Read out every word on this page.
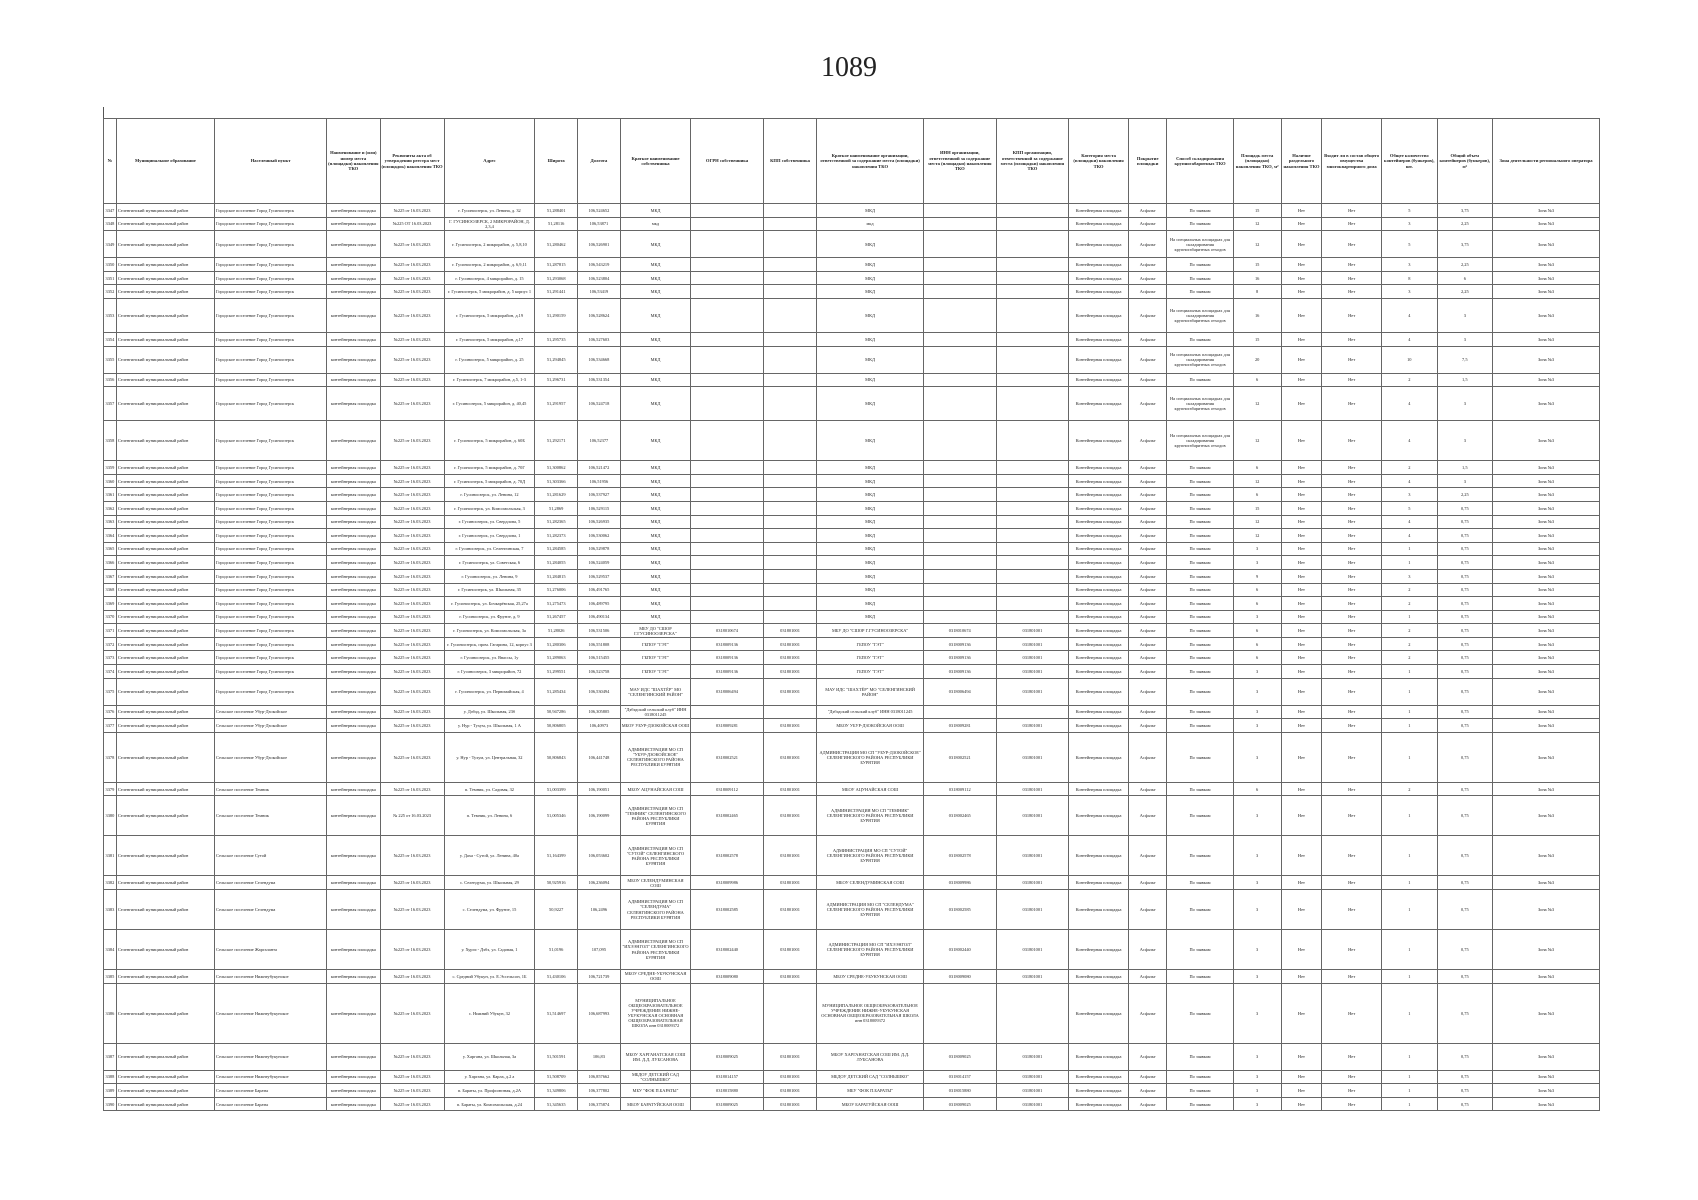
1089
№	Муниципальное образование	Населенный пункт	Наименование и (или) номер места (площадки) накопления ТКО	Реквизиты акта об утверждении реестра мест (площадок) накопления ТКО	Адрес	Широта	Долгота	Краткое наименование собственника	ОГРН собственника	КПП собственника	Краткое наименование организации, ответственной за содержание места (площадки) накопления ТКО	ИНН организации, ответственной за содержание места (площадки) накопления ТКО	КПП организации, ответственной за содержание места (площадки) накопления ТКО	Категория места (площадки) накопления ТКО	Покрытие площадки	Способ складирования крупногабаритных ТКО	Площадь места (площадки) накопления ТКО, м²	Наличие раздельного накопления ТКО	Входит ли в состав общего имущества многоквартирного дома	Общее количество контейнеров (бункеров), шт.	Общий объем контейнеров (бункеров), м³	Зона деятельности регионального оператора
3347	Селенгинский муниципальный район	Городское поселение Город Гусиноозерск	контейнерная площадка	№225 от 16.03.2023	г. Гусиноозерск, ул. Ленина, д. 32	51,288401	106,524652	МКД			МКД			Контейнерная площадка	Асфальт	По заявкам	15	Нет	Нет	5	3,75	Зона №3
3348	Селенгинский муниципальный район	Городское поселение Город Гусиноозерск	контейнерная площадка	№225 ОТ 16.03.2023	Г. ГУСИНООЗЕРСК, 2 МИКРОРАЙОН, Д. 2,3,4	51,28116	106,53871	мкд			мкд			Контейнерная площадка	Асфальт	По заявкам	12	Нет	Нет	3	2,25	Зона №3
3349	Селенгинский муниципальный район	Городское поселение Город Гусиноозерск	контейнерная площадка	№225 от 16.03.2023	г. Гусиноозерск, 2 микрорайон, д. 5,8,10	51,280462	106,526901	МКД			МКД			Контейнерная площадка	Асфальт	На специальных площадках для складирования крупногабаритных отходов	12	Нет	Нет	5	3,75	Зона №3
3350	Селенгинский муниципальный район	Городское поселение Город Гусиноозерск	контейнерная площадка	№225 от 16.03.2023	г. Гусиноозерск, 2 микрорайон, д. 6,9,11	51,287815	106,543219	МКД			МКД			Контейнерная площадка	Асфальт	По заявкам	15	Нет	Нет	3	2,25	Зона №3
3351	Селенгинский муниципальный район	Городское поселение Город Гусиноозерск	контейнерная площадка	№225 от 16.03.2023	г. Гусиноозерск, 4 микрорайон, д. 15	51,293068	106,523804	МКД			МКД			Контейнерная площадка	Асфальт	По заявкам	16	Нет	Нет	8	6	Зона №3
3352	Селенгинский муниципальный район	Городское поселение Город Гусиноозерск	контейнерная площадка	№225 от 16.03.2023	г. Гусиноозерск, 5 микрорайон, д. 5 корпус 1	51,291441	106,53419	МКД			МКД			Контейнерная площадка	Асфальт	По заявкам	8	Нет	Нет	3	2,25	Зона №3
3353	Селенгинский муниципальный район	Городское поселение Город Гусиноозерск	контейнерная площадка	№225 от 16.03.2023	г. Гусиноозерск, 5 микрорайон, д.19	51,290159	106,528624	МКД			МКД			Контейнерная площадка	Асфальт	На специальных площадках для складирования крупногабаритных отходов	16	Нет	Нет	4	3	Зона №3
3354	Селенгинский муниципальный район	Городское поселение Город Гусиноозерск	контейнерная площадка	№225 от 16.03.2023	г. Гусиноозерск, 5 микрорайон, д.17	51,295735	106,527603	МКД			МКД			Контейнерная площадка	Асфальт	По заявкам	15	Нет	Нет	4	3	Зона №3
3355	Селенгинский муниципальный район	Городское поселение Город Гусиноозерск	контейнерная площадка	№225 от 16.03.2023	г. Гусиноозерск, 5 микрорайон, д. 25	51,294845	106,534668	МКД			МКД			Контейнерная площадка	Асфальт	На специальных площадках для складирования крупногабаритных отходов	20	Нет	Нет	10	7,5	Зона №3
3356	Селенгинский муниципальный район	Городское поселение Город Гусиноозерск	контейнерная площадка	№225 от 16.03.2023	г. Гусиноозерск, 7 микрорайон, д.5, 1-3	51,296731	106,531354	МКД			МКД			Контейнерная площадка	Асфальт	По заявкам	6	Нет	Нет	2	1,5	Зона №3
3357	Селенгинский муниципальный район	Городское поселение Город Гусиноозерск	контейнерная площадка	№225 от 16.03.2023	г. Гусиноозерск, 5 микрорайон, д. 40,45	51,291957	106,524718	МКД			МКД			Контейнерная площадка	Асфальт	На специальных площадках для складирования крупногабаритных отходов	12	Нет	Нет	4	3	Зона №3
3358	Селенгинский муниципальный район	Городское поселение Город Гусиноозерск	контейнерная площадка	№225 от 16.03.2023	г. Гусиноозерск, 5 микрорайон, д. 60Б	51,292171	106,52377	МКД			МКД			Контейнерная площадка	Асфальт	На специальных площадках для складирования крупногабаритных отходов	12	Нет	Нет	4	3	Зона №3
3359	Селенгинский муниципальный район	Городское поселение Город Гусиноозерск	контейнерная площадка	№225 от 16.03.2023	г. Гусиноозерск, 5 микрорайон, д. 70Г	51,300862	106,521472	МКД			МКД			Контейнерная площадка	Асфальт	По заявкам	6	Нет	Нет	2	1,5	Зона №3
3360	Селенгинский муниципальный район	Городское поселение Город Гусиноозерск	контейнерная площадка	№225 от 16.03.2023	г. Гусиноозерск, 5 микрорайон, д. 70Д	51,303366	106,51956	МКД			МКД			Контейнерная площадка	Асфальт	По заявкам	12	Нет	Нет	4	3	Зона №3
3361	Селенгинский муниципальный район	Городское поселение Город Гусиноозерск	контейнерная площадка	№225 от 16.03.2023	г. Гусиноозерск, ул. Ленина, 12	51,281629	106,537927	МКД			МКД			Контейнерная площадка	Асфальт	По заявкам	6	Нет	Нет	3	2,25	Зона №3
3362	Селенгинский муниципальный район	Городское поселение Город Гусиноозерск	контейнерная площадка	№225 от 16.03.2023	г. Гусиноозерск, ул. Комсомольская, 3	51,2869	106,529115	МКД			МКД			Контейнерная площадка	Асфальт	По заявкам	15	Нет	Нет	5	0,75	Зона №3
3363	Селенгинский муниципальный район	Городское поселение Город Гусиноозерск	контейнерная площадка	№225 от 16.03.2023	г. Гусиноозерск, ул. Свердлова, 5	51,282365	106,526935	МКД			МКД			Контейнерная площадка	Асфальт	По заявкам	12	Нет	Нет	4	0,75	Зона №3
3364	Селенгинский муниципальный район	Городское поселение Город Гусиноозерск	контейнерная площадка	№225 от 16.03.2023	г. Гусиноозерск, ул. Свердлова, 1	51,282373	106,530062	МКД			МКД			Контейнерная площадка	Асфальт	По заявкам	12	Нет	Нет	4	0,75	Зона №3
3365	Селенгинский муниципальный район	Городское поселение Город Гусиноозерск	контейнерная площадка	№225 от 16.03.2023	г. Гусиноозерск, ул. Селенгинская, 7	51,284585	106,529878	МКД			МКД			Контейнерная площадка	Асфальт	По заявкам	3	Нет	Нет	1	0,75	Зона №3
3366	Селенгинский муниципальный район	Городское поселение Город Гусиноозерск	контейнерная площадка	№225 от 16.03.2023	г. Гусиноозерск, ул. Советская, 6	51,284055	106,524059	МКД			МКД			Контейнерная площадка	Асфальт	По заявкам	3	Нет	Нет	1	0,75	Зона №3
3367	Селенгинский муниципальный район	Городское поселение Город Гусиноозерск	контейнерная площадка	№225 от 16.03.2023	г. Гусиноозерск, ул. Ленина, 9	51,284815	106,529537	МКД			МКД			Контейнерная площадка	Асфальт	По заявкам	9	Нет	Нет	3	0,75	Зона №3
3368	Селенгинский муниципальный район	Городское поселение Город Гусиноозерск	контейнерная площадка	№225 от 16.03.2023	г. Гусиноозерск, ул. Школьная, 35	51,276006	106,491765	МКД			МКД			Контейнерная площадка	Асфальт	По заявкам	6	Нет	Нет	2	0,75	Зона №3
3369	Селенгинский муниципальный район	Городское поселение Город Гусиноозерск	контейнерная площадка	№225 от 16.03.2023	г. Гусиноозерск, ул. Бочкарёвская, 25,27а	51,275473	106,489795	МКД			МКД			Контейнерная площадка	Асфальт	По заявкам	6	Нет	Нет	2	0,75	Зона №3
3370	Селенгинский муниципальный район	Городское поселение Город Гусиноозерск	контейнерная площадка	№225 от 16.03.2023	г. Гусиноозерск, ул. Фрунзе, д. 9	51,267457	106,490134	МКД			МКД			Контейнерная площадка	Асфальт	По заявкам	3	Нет	Нет	1	0,75	Зона №3
3371	Селенгинский муниципальный район	Городское поселение Город Гусиноозерск	контейнерная площадка	№225 от 16.03.2023	г. Гусиноозерск, ул. Комсомольская, 3а	51,28026	106,531506	МБУ ДО "СШОР Г.ГУСИНООЗЕРСКА"	0318010674	031801001	МБУ ДО "СШОР Г.ГУСИНООЗЕРСКА"	0318010674	031801001	Контейнерная площадка	Асфальт	По заявкам	6	Нет	Нет	2	0,75	Зона №3
3372	Селенгинский муниципальный район	Городское поселение Город Гусиноозерск	контейнерная площадка	№225 от 16.03.2023	г. Гусиноозерск, пром. Гагарина, 12, корпус 3	51,280306	106,551808	ГБПОУ "ГЭТ"	0318009136	031801001	ГБПОУ "ГЭТ"	0318009136	031801001	Контейнерная площадка	Асфальт	По заявкам	6	Нет	Нет	2	0,75	Зона №3
3373	Селенгинский муниципальный район	Городское поселение Город Гусиноозерск	контейнерная площадка	№225 от 16.03.2023	г. Гусиноозерск, ул. Ввассы, 1у	51,289063	106,515455	ГБПОУ "ГЭТ"	0318009136	031801001	ГБПОУ "ГЭТ"	0318009136	031801001	Контейнерная площадка	Асфальт	По заявкам	6	Нет	Нет	2	0,75	Зона №3
3374	Селенгинский муниципальный район	Городское поселение Город Гусиноозерск	контейнерная площадка	№225 от 16.03.2023	г. Гусиноозерск, 3 микрорайон, 72	51,299551	106,523758	ГБПОУ "ГЭТ"	0318009136	031801001	ГБПОУ "ГЭТ"	0318009136	031801001	Контейнерная площадка	Асфальт	По заявкам	3	Нет	Нет	1	0,75	Зона №3
3375	Селенгинский муниципальный район	Городское поселение Город Гусиноозерск	контейнерная площадка	№225 от 16.03.2023	г. Гусиноозерск, ул. Первомайская, 4	51,285434	106,530494	МАУ ИДС "ШАХТЁР" МО "СЕЛЕНГИНСКИЙ РАЙОН"	0318006494	031801001	МАУ ИДС "ШАХТЁР" МО "СЕЛЕНГИНСКИЙ РАЙОН"	0318006494	031801001	Контейнерная площадка	Асфальт	По заявкам	3	Нет	Нет	1	0,75	Зона №3
3376	Селенгинский муниципальный район	Сельское поселение Убур-Дзокойское	контейнерная площадка	№225 от 16.03.2023	у. Дэбэд, ул. Школьная, 23б	50,947286	106,305805	"Дэбэдский сельский клуб" ИНН 0318011245			"Дэбэдский сельский клуб" ИНН 0318011245			Контейнерная площадка	Асфальт	По заявкам	3	Нет	Нет	1	0,75	Зона №3
3377	Селенгинский муниципальный район	Сельское поселение Убур-Дзокойское	контейнерная площадка	№225 от 16.03.2023	у. Нур - Тухум, ул. Школьная, 1 А	50,806805	106,40973	МБОУ УБУР-ДЗОКОЙСКАЯ ООШ	0318009281	031801001	МБОУ УБУР-ДЗОКОЙСКАЯ ООШ	0318009281	031801001	Контейнерная площадка	Асфальт	По заявкам	3	Нет	Нет	1	0,75	Зона №3
3378	Селенгинский муниципальный район	Сельское поселение Убур-Дзокойское	контейнерная площадка	№225 от 16.03.2023	у. Нур - Тухум, ул. Центральная, 32	50,806843	106,441748	АДМИНИСТРАЦИЯ МО СП "УБУР-ДЗОКОЙСКОЕ" СЕЛЕНГИНСКОГО РАЙОНА РЕСПУБЛИКИ БУРЯТИЯ	0318002521	031801001	АДМИНИСТРАЦИЯ МО СП "УБУР-ДЗОКОЙСКОЕ" СЕЛЕНГИНСКОГО РАЙОНА РЕСПУБЛИКИ БУРЯТИЯ	0318002521	031801001	Контейнерная площадка	Асфальт	По заявкам	3	Нет	Нет	1	0,75	Зона №3
3379	Селенгинский муниципальный район	Сельское поселение Темник	контейнерная площадка	№225 от 16.03.2023	п. Темник, ул. Садовая, 32	51,003399	106,190051	МБОУ АЦУНАЙСКАЯ СОШ	0318009112	031801001	МБОУ АЦУНАЙСКАЯ СОШ	0318009112	031801001	Контейнерная площадка	Асфальт	По заявкам	6	Нет	Нет	2	0,75	Зона №3
3380	Селенгинский муниципальный район	Сельское поселение Темник	контейнерная площадка	№ 225 от 16.03.2023	п. Темник, ул. Ленина, 6	51,005346	106,190099	АДМИНИСТРАЦИЯ МО СП "ТЕМНИК" СЕЛЕНГИНСКОГО РАЙОНА РЕСПУБЛИКИ БУРЯТИЯ	0318002465	031801001	АДМИНИСТРАЦИЯ МО СП "ТЕМНИК" СЕЛЕНГИНСКОГО РАЙОНА РЕСПУБЛИКИ БУРЯТИЯ	0318002465	031801001	Контейнерная площадка	Асфальт	По заявкам	3	Нет	Нет	1	0,75	Зона №3
3381	Селенгинский муниципальный район	Сельское поселение Сутой	контейнерная площадка	№225 от 16.03.2023	у. Даха - Сутой, ул. Ленина, 40а	51,164399	106,053602	АДМИНИСТРАЦИЯ МО СП "СУТОЙ" СЕЛЕНГИНСКОГО РАЙОНА РЕСПУБЛИКИ БУРЯТИЯ	0318002578	031801001	АДМИНИСТРАЦИЯ МО СП "СУТОЙ" СЕЛЕНГИНСКОГО РАЙОНА РЕСПУБЛИКИ БУРЯТИЯ	0318002578	031801001	Контейнерная площадка	Асфальт	По заявкам	3	Нет	Нет	1	0,75	Зона №3
3382	Селенгинский муниципальный район	Сельское поселение Селендума	контейнерная площадка	№225 от 16.03.2023	с. Селендума, ул. Школьная, 29	50,925916	106,236094	МБОУ СЕЛЕНДУМИНСКАЯ СОШ	0318009986	031801001	МБОУ СЕЛЕНДУМИНСКАЯ СОШ	0318009986	031801001	Контейнерная площадка	Асфальт	По заявкам	3	Нет	Нет	1	0,75	Зона №3
3383	Селенгинский муниципальный район	Сельское поселение Селендума	контейнерная площадка	№225 от 16.03.2023	с. Селендума, ул. Фрунзе, 15	50,9227	106,2496	АДМИНИСТРАЦИЯ МО СП "СЕЛЕНДУМА" СЕЛЕНГИНСКОГО РАЙОНА РЕСПУБЛИКИ БУРЯТИЯ	0318002585	031801001	АДМИНИСТРАЦИЯ МО СП "СЕЛЕНДУМА" СЕЛЕНГИНСКОГО РАЙОНА РЕСПУБЛИКИ БУРЯТИЯ	0318002585	031801001	Контейнерная площадка	Асфальт	По заявкам	3	Нет	Нет	1	0,75	Зона №3
3384	Селенгинский муниципальный район	Сельское поселение Жаргаланта	контейнерная площадка	№225 от 16.03.2023	у. Хурээ - Дэбэ, ул. Садовая, 1	51,0196	107,095	АДМИНИСТРАЦИЯ МО СП "ИХЭЭНГОЛ" СЕЛЕНГИНСКОГО РАЙОНА РЕСПУБЛИКИ БУРЯТИЯ	0318002440	031801001	АДМИНИСТРАЦИЯ МО СП "ИХЭЭНГОЛ" СЕЛЕНГИНСКОГО РАЙОНА РЕСПУБЛИКИ БУРЯТИЯ	0318002440	031801001	Контейнерная площадка	Асфальт	По заявкам	3	Нет	Нет	1	0,75	Зона №3
3385	Селенгинский муниципальный район	Сельское поселение Нижнеубукунское	контейнерная площадка	№225 от 16.03.2023	с. Средний Убукун, ул. Е.Эссельсон, 1Б	51,430106	106,721739	МБОУ СРЕДНЕ-УБУКУНСКАЯ ООШ	0318009080	031801001	МБОУ СРЕДНЕ-УБУКУНСКАЯ ООШ	0318009080	031801001	Контейнерная площадка	Асфальт	По заявкам	3	Нет	Нет	1	0,75	Зона №3
3386	Селенгинский муниципальный район	Сельское поселение Нижнеубукунское	контейнерная площадка	№225 от 16.03.2023	с. Нижний Убукун, 32	51,514697	106,687993	МУНИЦИПАЛЬНОЕ ОБЩЕОБРАЗОВАТЕЛЬНОЕ УЧРЕЖДЕНИЕ НИЖНЕ-УБУКУНСКАЯ ОСНОВНАЯ ОБЩЕОБРАЗОВАТЕЛЬНАЯ ШКОЛА инн 0318009372			МУНИЦИПАЛЬНОЕ ОБЩЕОБРАЗОВАТЕЛЬНОЕ УЧРЕЖДЕНИЕ НИЖНЕ-УБУКУНСКАЯ ОСНОВНАЯ ОБЩЕОБРАЗОВАТЕЛЬНАЯ ШКОЛА инн 0318009372			Контейнерная площадка	Асфальт	По заявкам	3	Нет	Нет	1	0,75	Зона №3
3387	Селенгинский муниципальный район	Сельское поселение Нижнеубукунское	контейнерная площадка	№225 от 16.03.2023	у. Харгана, ул. Школьная, 3а	51,501591	106,83	МБОУ ХАРГАНАТСКАЯ СОШ ИМ. Д.Д. ЛУБСАНОВА	0318009025	031801001	МБОУ ХАРГАНАТСКАЯ СОШ ИМ. Д.Д. ЛУБСАНОВА	0318009025	031801001	Контейнерная площадка	Асфальт	По заявкам	3	Нет	Нет	1	0,75	Зона №3
3388	Селенгинский муниципальный район	Сельское поселение Нижнеубукунское	контейнерная площадка	№225 от 16.03.2023	у. Харгана, ул. Карла, д.2 а	51,508709	106,857662	МБДОУ ДЕТСКИЙ САД "СОЛНЫШКО"	0318014157	031801001	МБДОУ ДЕТСКИЙ САД "СОЛНЫШКО"	0318014157	031801001	Контейнерная площадка	Асфальт	По заявкам	3	Нет	Нет	1	0,75	Зона №3
3389	Селенгинский муниципальный район	Сельское поселение Бараты	контейнерная площадка	№225 от 16.03.2023	п. Бараты, ул. Профсоюзная, д.2А	51,349806	106,377802	МБУ "ФОК П.БАРАТЫ"	0318015880	031801001	МБУ "ФОК П.БАРАТЫ"	0318015880	031801001	Контейнерная площадка	Асфальт	По заявкам	3	Нет	Нет	1	0,75	Зона №3
3390	Селенгинский муниципальный район	Сельское поселение Бараты	контейнерная площадка	№225 от 16.03.2023	п. Бараты, ул. Комсомольская, д.24	51,345635	106,375874	МБОУ БАРАТУЙСКАЯ ООШ	0318009025	031801001	МБОУ БАРАТУЙСКАЯ ООШ	0318009025	031801001	Контейнерная площадка	Асфальт	По заявкам	3	Нет	Нет	1	0,75	Зона №3
